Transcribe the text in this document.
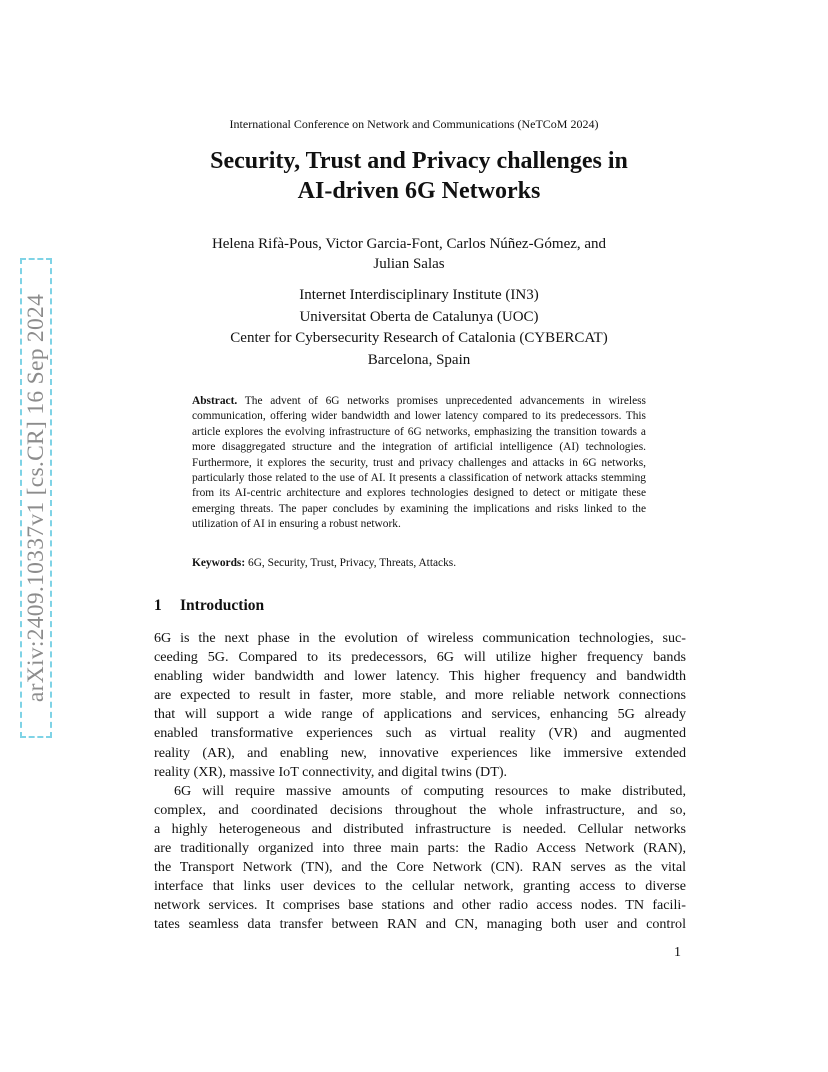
arXiv:2409.10337v1 [cs.CR] 16 Sep 2024
International Conference on Network and Communications (NeTCoM 2024)
Security, Trust and Privacy challenges in
AI-driven 6G Networks
Helena Rifà-Pous, Victor Garcia-Font, Carlos Núñez-Gómez, and
Julian Salas
Internet Interdisciplinary Institute (IN3)
Universitat Oberta de Catalunya (UOC)
Center for Cybersecurity Research of Catalonia (CYBERCAT)
Barcelona, Spain
Abstract. The advent of 6G networks promises unprecedented advancements in wireless communication, offering wider bandwidth and lower latency compared to its predecessors. This article explores the evolving infrastructure of 6G networks, emphasizing the transition towards a more disaggregated structure and the integration of artificial intelligence (AI) technologies. Furthermore, it explores the security, trust and privacy challenges and attacks in 6G networks, particularly those related to the use of AI. It presents a classification of network attacks stemming from its AI-centric architecture and explores technologies designed to detect or mitigate these emerging threats. The paper concludes by examining the implications and risks linked to the utilization of AI in ensuring a robust network.
Keywords: 6G, Security, Trust, Privacy, Threats, Attacks.
1 Introduction
6G is the next phase in the evolution of wireless communication technologies, suc-
ceeding 5G. Compared to its predecessors, 6G will utilize higher frequency bands
enabling wider bandwidth and lower latency. This higher frequency and bandwidth
are expected to result in faster, more stable, and more reliable network connections
that will support a wide range of applications and services, enhancing 5G already
enabled transformative experiences such as virtual reality (VR) and augmented
reality (AR), and enabling new, innovative experiences like immersive extended
reality (XR), massive IoT connectivity, and digital twins (DT).
6G will require massive amounts of computing resources to make distributed,
complex, and coordinated decisions throughout the whole infrastructure, and so,
a highly heterogeneous and distributed infrastructure is needed. Cellular networks
are traditionally organized into three main parts: the Radio Access Network (RAN),
the Transport Network (TN), and the Core Network (CN). RAN serves as the vital
interface that links user devices to the cellular network, granting access to diverse
network services. It comprises base stations and other radio access nodes. TN facili-
tates seamless data transfer between RAN and CN, managing both user and control
1
